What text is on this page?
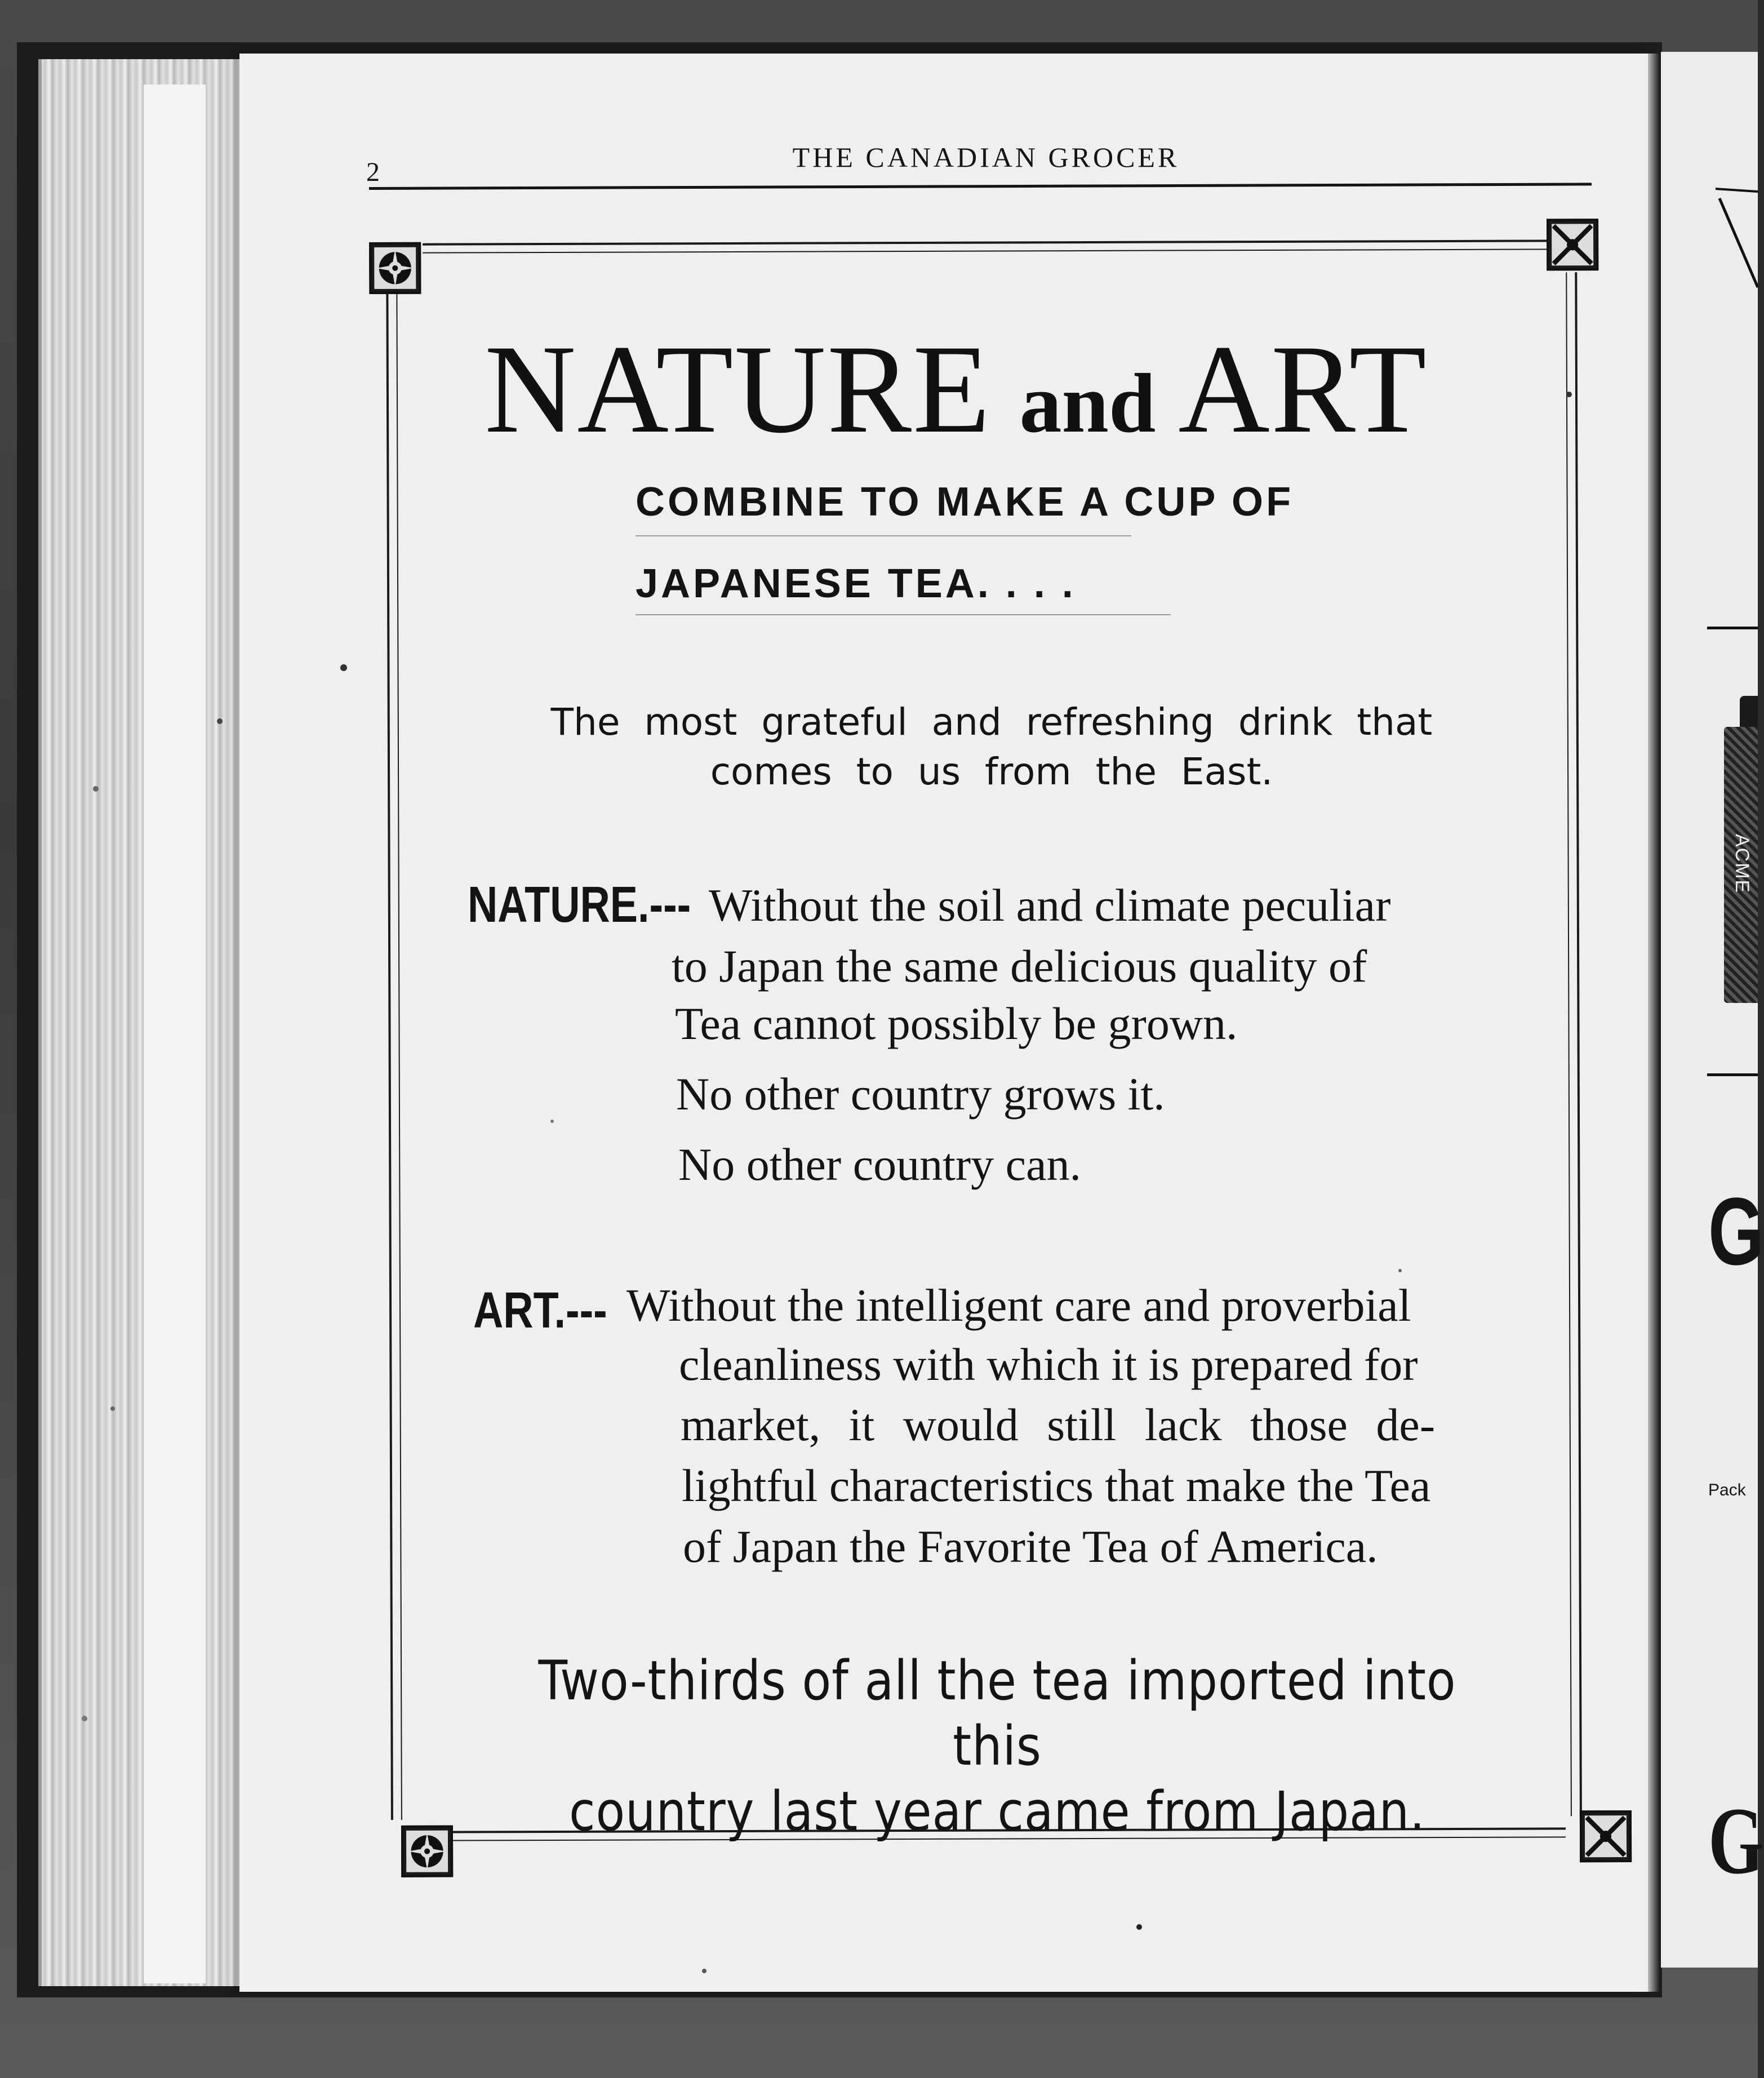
ACME
G
Pack
G
2	THE CANADIAN GROCER
NATURE and ART
COMBINE TO MAKE A CUP OF
JAPANESE TEA. . . .
The most grateful and refreshing drink that
comes to us from the East.
NATURE.--- Without the soil and climate peculiar
to Japan the same delicious quality of
Tea cannot possibly be grown.
No other country grows it.
No other country can.
ART.--- Without the intelligent care and proverbial
cleanliness with which it is prepared for
market, it would still lack those de-
lightful characteristics that make the Tea
of Japan the Favorite Tea of America.
Two-thirds of all the tea imported into this
country last year came from Japan.
